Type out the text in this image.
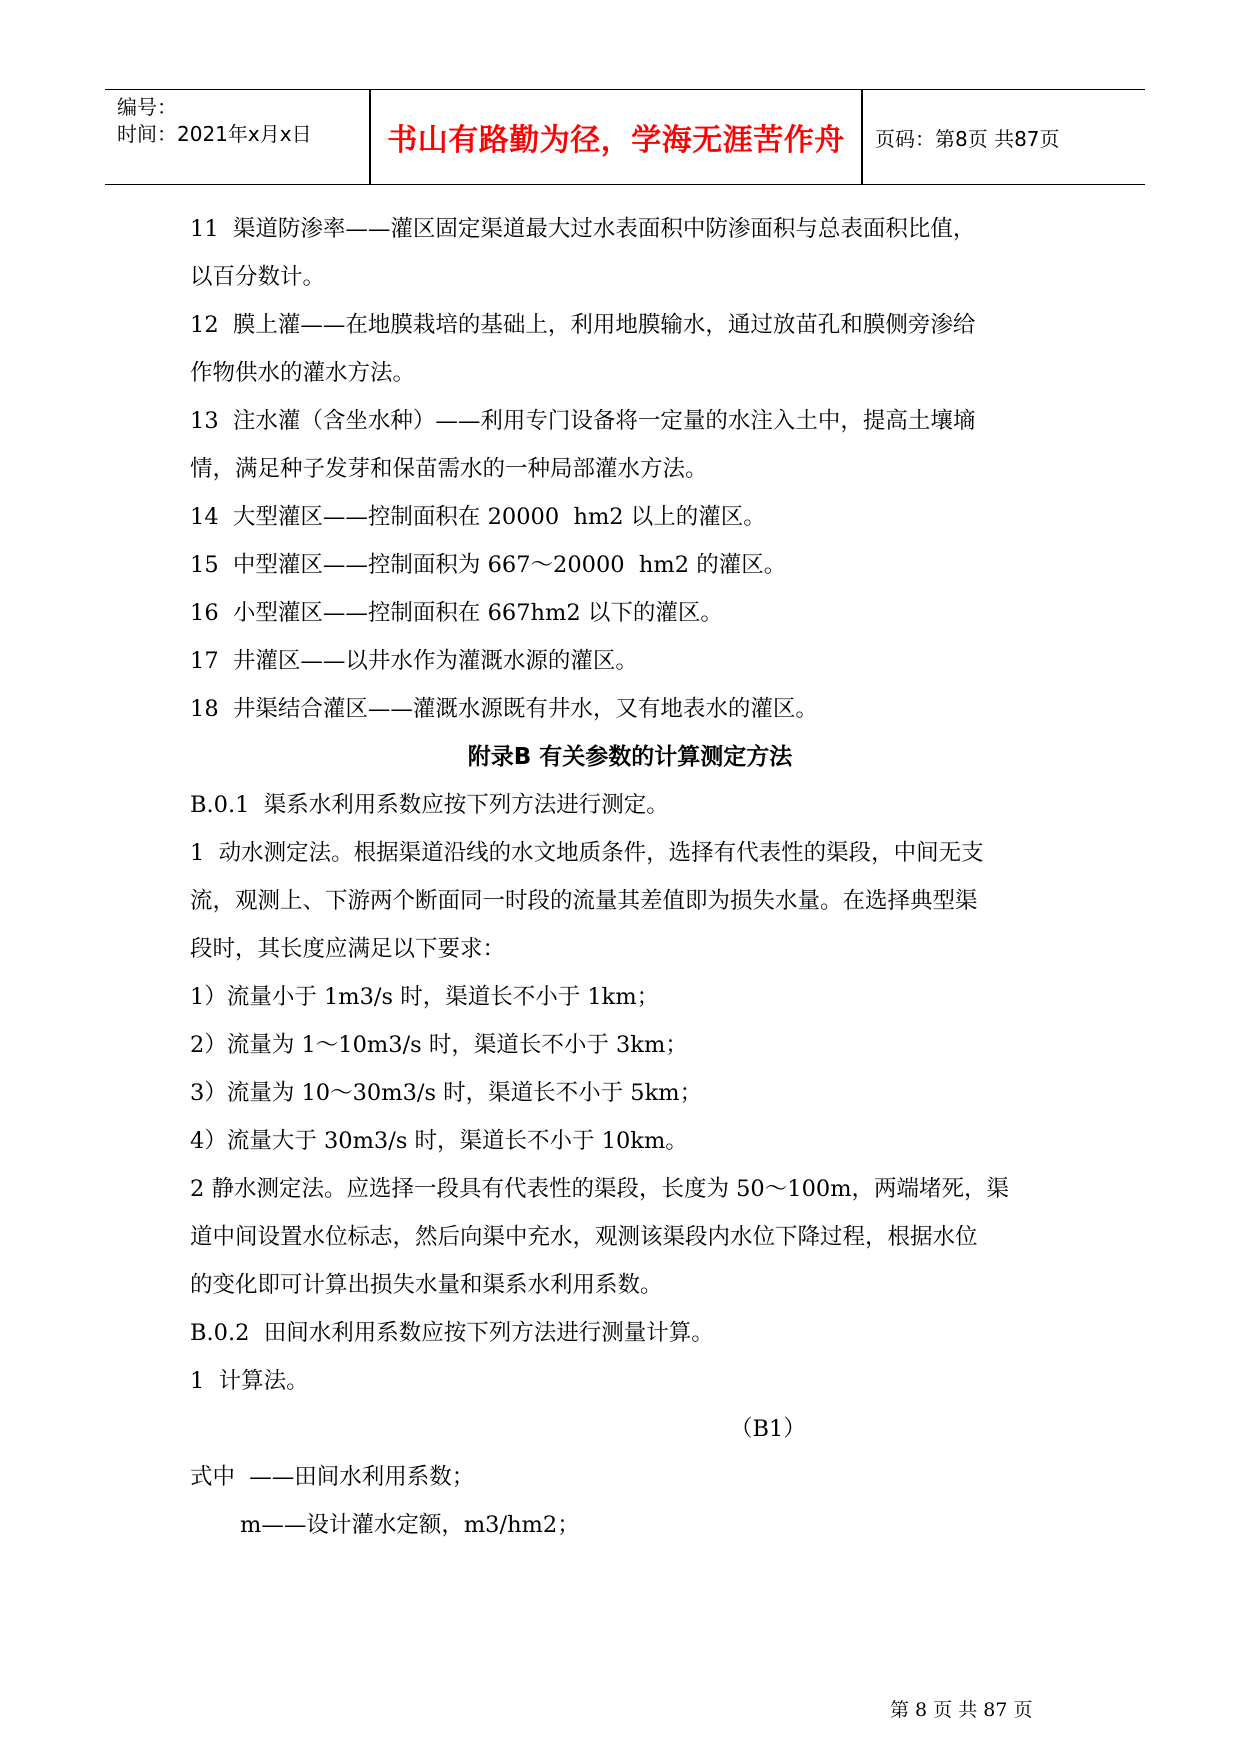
编号：
时间：2021年x月x日	书山有路勤为径，学海无涯苦作舟	页码：第8页 共87页

11  渠道防渗率——灌区固定渠道最大过水表面积中防渗面积与总表面积比值，

以百分数计。

12  膜上灌——在地膜栽培的基础上，利用地膜输水，通过放苗孔和膜侧旁渗给

作物供水的灌水方法。

13  注水灌（含坐水种）——利用专门设备将一定量的水注入土中，提高土壤墒

情，满足种子发芽和保苗需水的一种局部灌水方法。

14  大型灌区——控制面积在 20000  hm2 以上的灌区。

15  中型灌区——控制面积为 667～20000  hm2 的灌区。

16  小型灌区——控制面积在 667hm2 以下的灌区。

17  井灌区——以井水作为灌溉水源的灌区。

18  井渠结合灌区——灌溉水源既有井水，又有地表水的灌区。

附录B 有关参数的计算测定方法

B.0.1  渠系水利用系数应按下列方法进行测定。

1  动水测定法。根据渠道沿线的水文地质条件，选择有代表性的渠段，中间无支

流，观测上、下游两个断面同一时段的流量其差值即为损失水量。在选择典型渠

段时，其长度应满足以下要求：

1）流量小于 1m3/s 时，渠道长不小于 1km；

2）流量为 1～10m3/s 时，渠道长不小于 3km；

3）流量为 10～30m3/s 时，渠道长不小于 5km；

4）流量大于 30m3/s 时，渠道长不小于 10km。

2 静水测定法。应选择一段具有代表性的渠段，长度为 50～100m，两端堵死，渠

道中间设置水位标志，然后向渠中充水，观测该渠段内水位下降过程，根据水位

的变化即可计算出损失水量和渠系水利用系数。

B.0.2  田间水利用系数应按下列方法进行测量计算。

1  计算法。

（B1）

式中  ——田间水利用系数；

m——设计灌水定额，m3/hm2；

第 8 页 共 87 页
